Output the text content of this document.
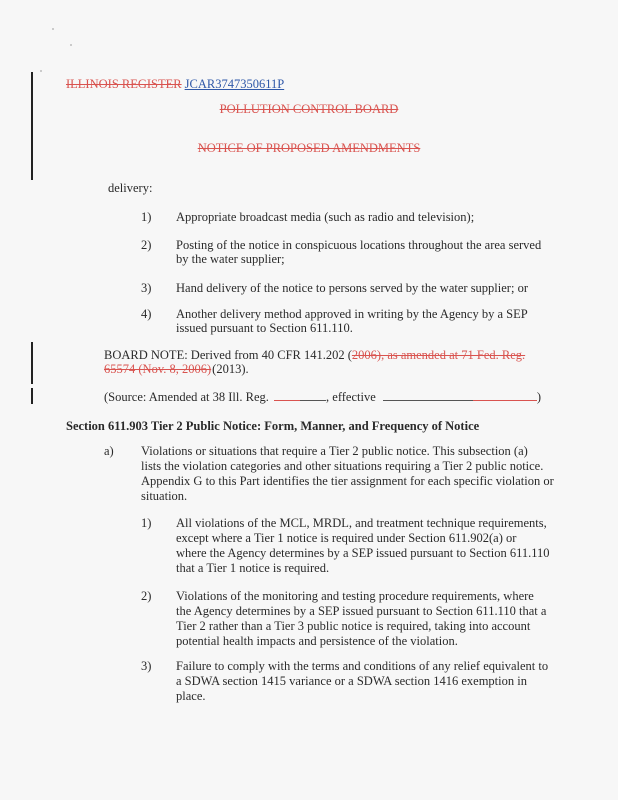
ILLINOIS REGISTER JCAR3747350611P
POLLUTION CONTROL BOARD
NOTICE OF PROPOSED AMENDMENTS
delivery:
1) Appropriate broadcast media (such as radio and television);
2) Posting of the notice in conspicuous locations throughout the area served
by the water supplier;
3) Hand delivery of the notice to persons served by the water supplier; or
4) Another delivery method approved in writing by the Agency by a SEP
issued pursuant to Section 611.110.
BOARD NOTE: Derived from 40 CFR 141.202 (2006), as amended at 71 Fed. Reg.
65574 (Nov. 8, 2006)(2013).
(Source: Amended at 38 Ill. Reg.	, effective	)
Section 611.903 Tier 2 Public Notice: Form, Manner, and Frequency of Notice
a) Violations or situations that require a Tier 2 public notice. This subsection (a)
lists the violation categories and other situations requiring a Tier 2 public notice.
Appendix G to this Part identifies the tier assignment for each specific violation or
situation.
1) All violations of the MCL, MRDL, and treatment technique requirements,
except where a Tier 1 notice is required under Section 611.902(a) or
where the Agency determines by a SEP issued pursuant to Section 611.110
that a Tier 1 notice is required.
2) Violations of the monitoring and testing procedure requirements, where
the Agency determines by a SEP issued pursuant to Section 611.110 that a
Tier 2 rather than a Tier 3 public notice is required, taking into account
potential health impacts and persistence of the violation.
3) Failure to comply with the terms and conditions of any relief equivalent to
a SDWA section 1415 variance or a SDWA section 1416 exemption in
place.
